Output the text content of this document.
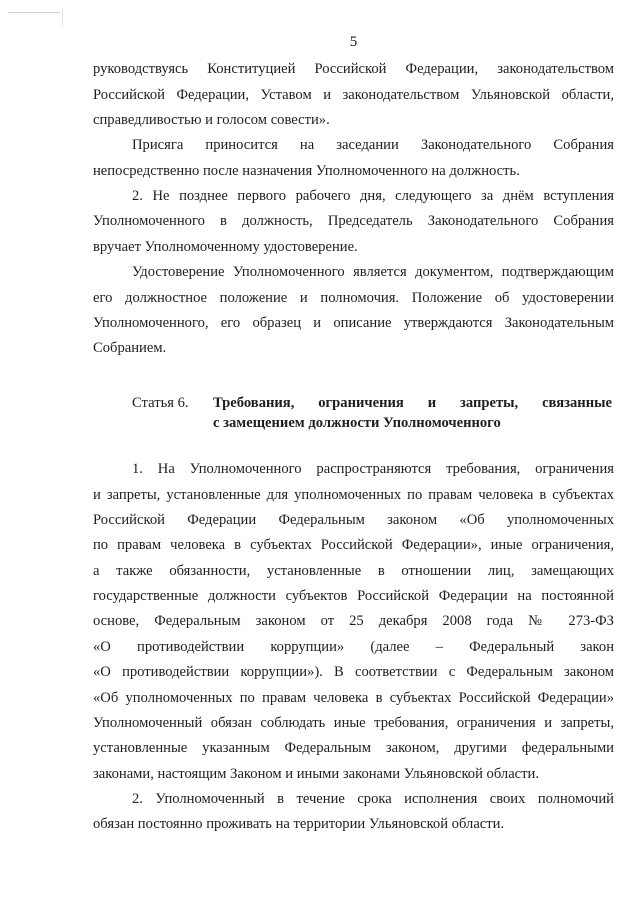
5
руководствуясь Конституцией Российской Федерации, законодательством
Российской Федерации, Уставом и законодательством Ульяновской области,
справедливостью и голосом совести».
Присяга приносится на заседании Законодательного Собрания
непосредственно после назначения Уполномоченного на должность.
2. Не позднее первого рабочего дня, следующего за днём вступления
Уполномоченного в должность, Председатель Законодательного Собрания
вручает Уполномоченному удостоверение.
Удостоверение Уполномоченного является документом, подтверждающим
его должностное положение и полномочия. Положение об удостоверении
Уполномоченного, его образец и описание утверждаются Законодательным
Собранием.
Статья 6. Требования, ограничения и запреты, связанные
с замещением должности Уполномоченного
1. На Уполномоченного распространяются требования, ограничения
и запреты, установленные для уполномоченных по правам человека в субъектах
Российской Федерации Федеральным законом «Об уполномоченных
по правам человека в субъектах Российской Федерации», иные ограничения,
а также обязанности, установленные в отношении лиц, замещающих
государственные должности субъектов Российской Федерации на постоянной
основе, Федеральным законом от 25 декабря 2008 года № 273-ФЗ
«О противодействии коррупции» (далее – Федеральный закон
«О противодействии коррупции»). В соответствии с Федеральным законом
«Об уполномоченных по правам человека в субъектах Российской Федерации»
Уполномоченный обязан соблюдать иные требования, ограничения и запреты,
установленные указанным Федеральным законом, другими федеральными
законами, настоящим Законом и иными законами Ульяновской области.
2. Уполномоченный в течение срока исполнения своих полномочий
обязан постоянно проживать на территории Ульяновской области.
